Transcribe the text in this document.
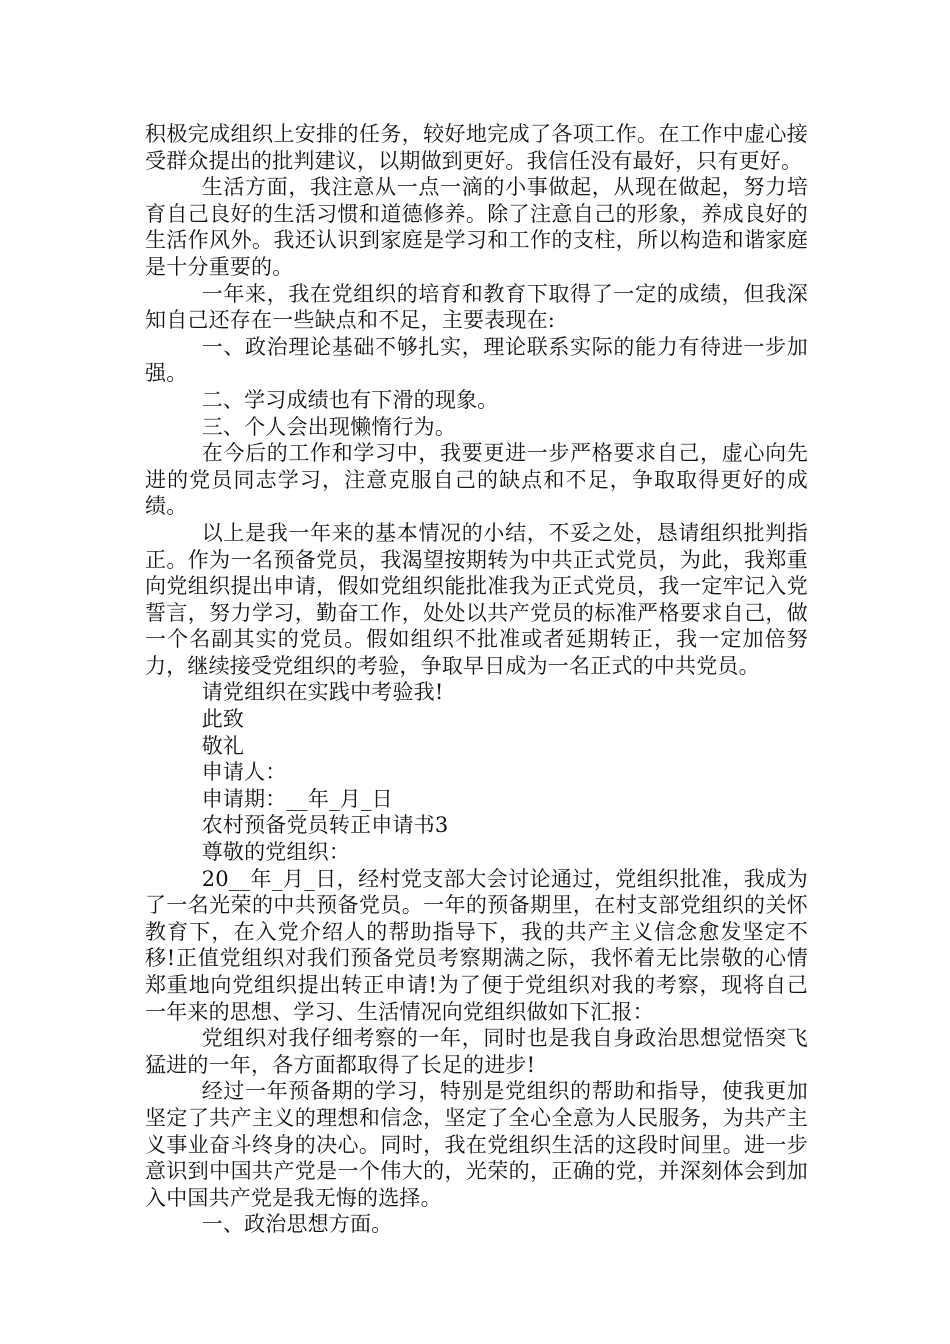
积极完成组织上安排的任务，较好地完成了各项工作。在工作中虚心接受群众提出的批判建议，以期做到更好。我信任没有最好，只有更好。

生活方面，我注意从一点一滴的小事做起，从现在做起，努力培育自己良好的生活习惯和道德修养。除了注意自己的形象，养成良好的生活作风外。我还认识到家庭是学习和工作的支柱，所以构造和谐家庭是十分重要的。

一年来，我在党组织的培育和教育下取得了一定的成绩，但我深知自己还存在一些缺点和不足，主要表现在:

一、政治理论基础不够扎实，理论联系实际的能力有待进一步加强。

二、学习成绩也有下滑的现象。

三、个人会出现懒惰行为。

在今后的工作和学习中，我要更进一步严格要求自己，虚心向先进的党员同志学习，注意克服自己的缺点和不足，争取取得更好的成绩。

以上是我一年来的基本情况的小结，不妥之处，恳请组织批判指正。作为一名预备党员，我渴望按期转为中共正式党员，为此，我郑重向党组织提出申请，假如党组织能批准我为正式党员，我一定牢记入党誓言，努力学习，勤奋工作，处处以共产党员的标准严格要求自己，做一个名副其实的党员。假如组织不批准或者延期转正，我一定加倍努力，继续接受党组织的考验，争取早日成为一名正式的中共党员。

请党组织在实践中考验我!

此致

敬礼

申请人：

申请期：__年_月_日

农村预备党员转正申请书3

尊敬的党组织：

20__年_月_日，经村党支部大会讨论通过，党组织批准，我成为了一名光荣的中共预备党员。一年的预备期里，在村支部党组织的关怀教育下，在入党介绍人的帮助指导下，我的共产主义信念愈发坚定不移!正值党组织对我们预备党员考察期满之际，我怀着无比崇敬的心情郑重地向党组织提出转正申请!为了便于党组织对我的考察，现将自己一年来的思想、学习、生活情况向党组织做如下汇报：

党组织对我仔细考察的一年，同时也是我自身政治思想觉悟突飞猛进的一年，各方面都取得了长足的进步!

经过一年预备期的学习，特别是党组织的帮助和指导，使我更加坚定了共产主义的理想和信念，坚定了全心全意为人民服务，为共产主义事业奋斗终身的决心。同时，我在党组织生活的这段时间里。进一步意识到中国共产党是一个伟大的，光荣的，正确的党，并深刻体会到加入中国共产党是我无悔的选择。

一、政治思想方面。
